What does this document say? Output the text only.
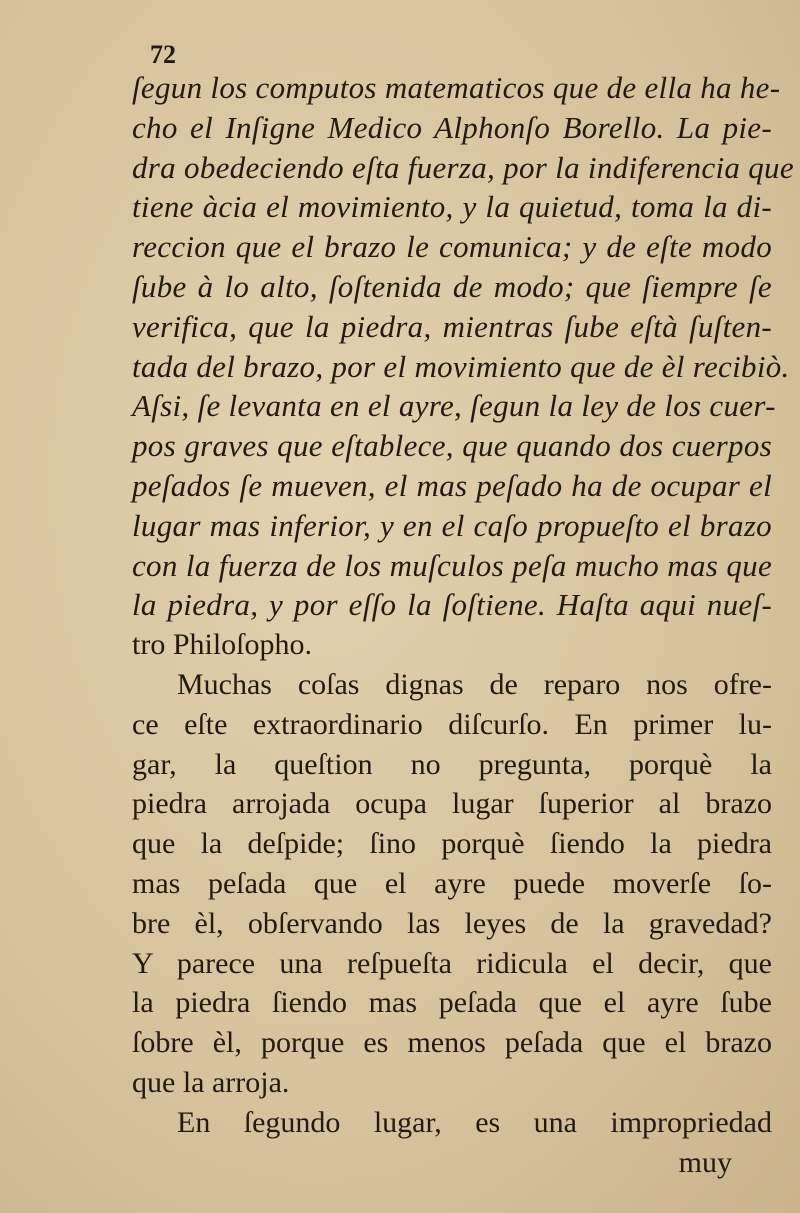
72
ſegun los computos matematicos que de ella ha he-
cho el Inſigne Medico Alphonſo Borello. La pie-
dra obedeciendo eſta fuerza, por la indiferencia que
tiene àcia el movimiento, y la quietud, toma la di-
reccion que el brazo le comunica; y de eſte modo
ſube à lo alto, ſoſtenida de modo; que ſiempre ſe
verifica, que la piedra, mientras ſube eſtà ſuſten-
tada del brazo, por el movimiento que de èl recibiò.
Aſsi, ſe levanta en el ayre, ſegun la ley de los cuer-
pos graves que eſtablece, que quando dos cuerpos
peſados ſe mueven, el mas peſado ha de ocupar el
lugar mas inferior, y en el caſo propueſto el brazo
con la fuerza de los muſculos peſa mucho mas que
la piedra, y por eſſo la ſoſtiene. Haſta aqui nueſ-
tro Philoſopho.
Muchas coſas dignas de reparo nos ofre-
ce eſte extraordinario diſcurſo. En primer lu-
gar, la queſtion no pregunta, porquè la
piedra arrojada ocupa lugar ſuperior al brazo
que la deſpide; ſino porquè ſiendo la piedra
mas peſada que el ayre puede moverſe ſo-
bre èl, obſervando las leyes de la gravedad?
Y parece una reſpueſta ridicula el decir, que
la piedra ſiendo mas peſada que el ayre ſube
ſobre èl, porque es menos peſada que el brazo
que la arroja.
En ſegundo lugar, es una impropriedad
muy
